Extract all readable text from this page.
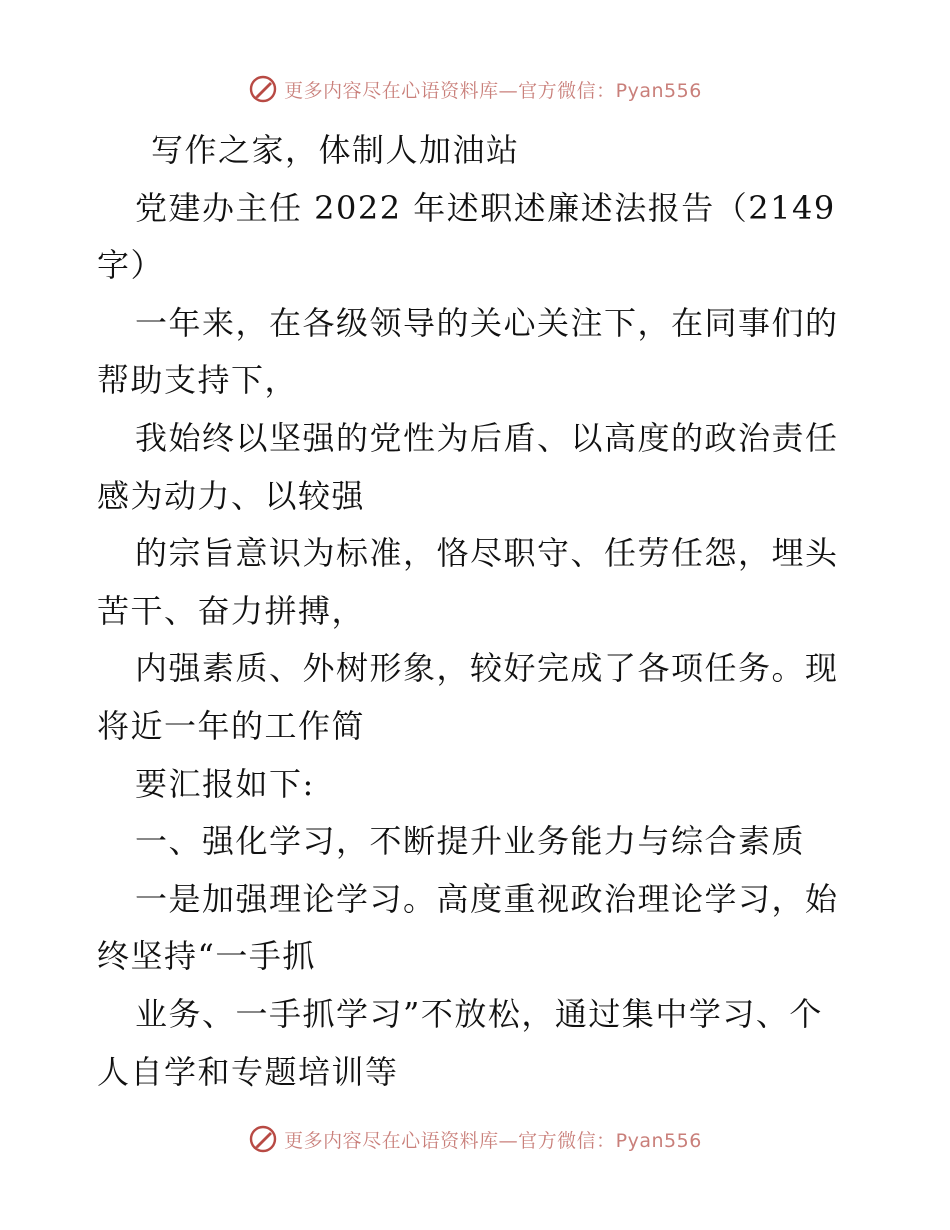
更多内容尽在心语资料库—官方微信：Pyan556
写作之家，体制人加油站
党建办主任 2022 年述职述廉述法报告（2149
字）
一年来，在各级领导的关心关注下，在同事们的
帮助支持下，
我始终以坚强的党性为后盾、以高度的政治责任
感为动力、以较强
的宗旨意识为标准，恪尽职守、任劳任怨，埋头
苦干、奋力拼搏，
内强素质、外树形象，较好完成了各项任务。现
将近一年的工作简
要汇报如下:
一、强化学习，不断提升业务能力与综合素质
一是加强理论学习。高度重视政治理论学习，始
终坚持“一手抓
业务、一手抓学习”不放松，通过集中学习、个
人自学和专题培训等
更多内容尽在心语资料库—官方微信：Pyan556
